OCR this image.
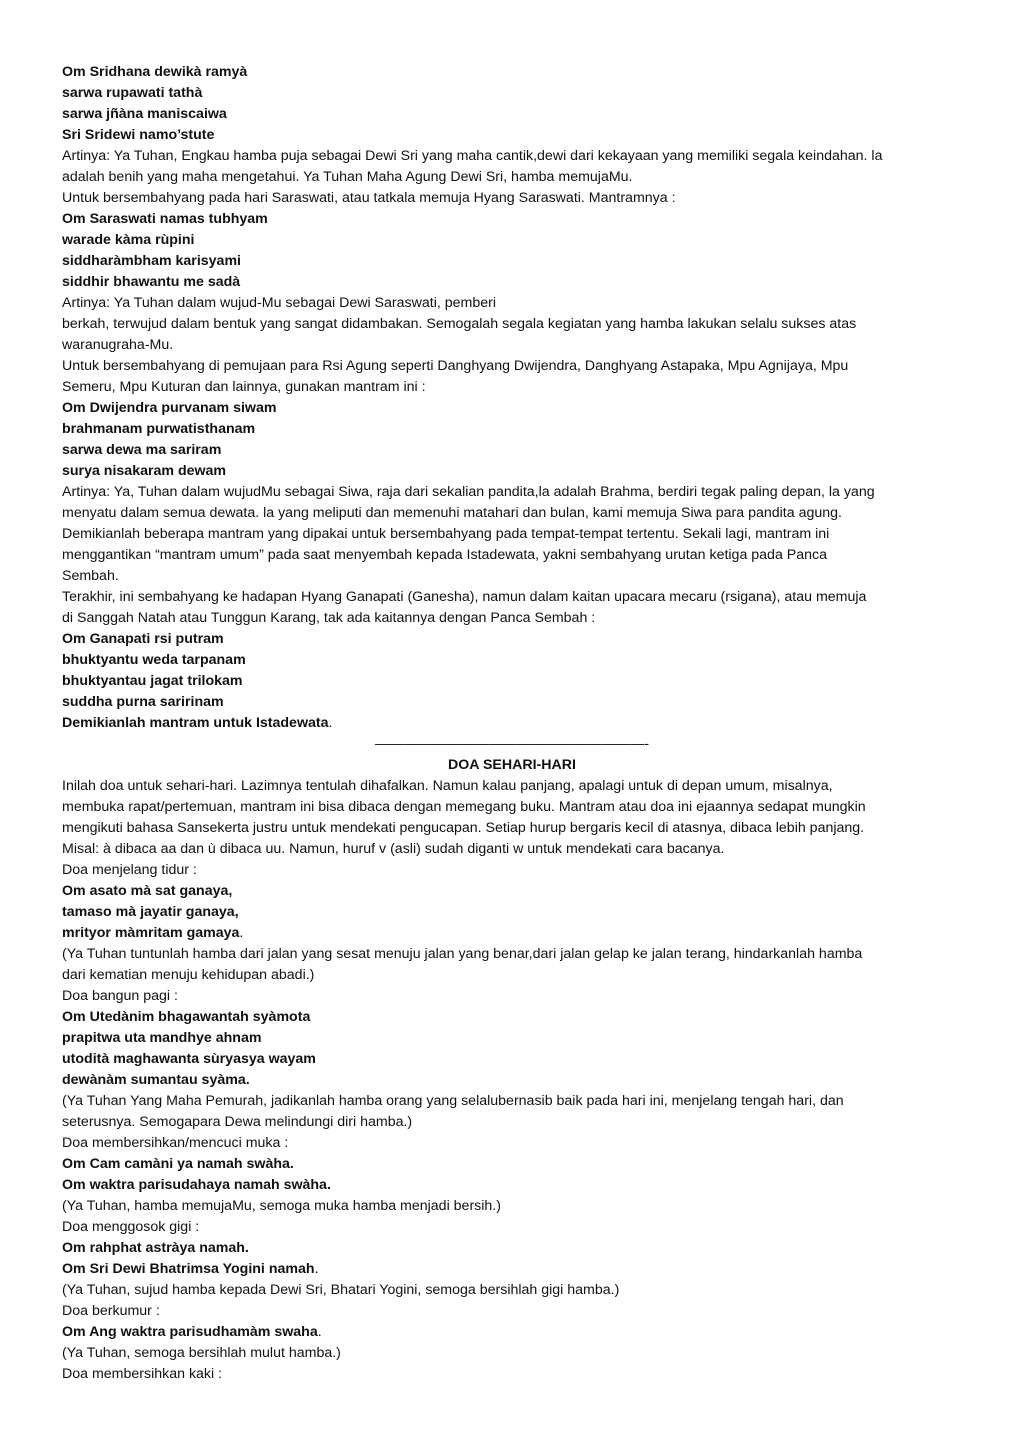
Om Sridhana dewikà ramyà
sarwa rupawati tathà
sarwa jñàna maniscaiwa
Sri Sridewi namo’stute
Artinya: Ya Tuhan, Engkau hamba puja sebagai Dewi Sri yang maha cantik,dewi dari kekayaan yang memiliki segala keindahan. la
adalah benih yang maha mengetahui. Ya Tuhan Maha Agung Dewi Sri, hamba memujaMu.
Untuk bersembahyang pada hari Saraswati, atau tatkala memuja Hyang Saraswati. Mantramnya :
Om Saraswati namas tubhyam
warade kàma rùpini
siddharàmbham karisyami
siddhir bhawantu me sadà
Artinya: Ya Tuhan dalam wujud-Mu sebagai Dewi Saraswati, pemberi
berkah, terwujud dalam bentuk yang sangat didambakan. Semogalah segala kegiatan yang hamba lakukan selalu sukses atas
waranugraha-Mu.
Untuk bersembahyang di pemujaan para Rsi Agung seperti Danghyang Dwijendra, Danghyang Astapaka, Mpu Agnijaya, Mpu
Semeru, Mpu Kuturan dan lainnya, gunakan mantram ini :
Om Dwijendra purvanam siwam
brahmanam purwatisthanam
sarwa dewa ma sariram
surya nisakaram dewam
Artinya: Ya, Tuhan dalam wujudMu sebagai Siwa, raja dari sekalian pandita,la adalah Brahma, berdiri tegak paling depan, la yang
menyatu dalam semua dewata. la yang meliputi dan memenuhi matahari dan bulan, kami memuja Siwa para pandita agung.
Demikianlah beberapa mantram yang dipakai untuk bersembahyang pada tempat-tempat tertentu. Sekali lagi, mantram ini
menggantikan “mantram umum” pada saat menyembah kepada Istadewata, yakni sembahyang urutan ketiga pada Panca
Sembah.
Terakhir, ini sembahyang ke hadapan Hyang Ganapati (Ganesha), namun dalam kaitan upacara mecaru (rsigana), atau memuja
di Sanggah Natah atau Tunggun Karang, tak ada kaitannya dengan Panca Sembah :
Om Ganapati rsi putram
bhuktyantu weda tarpanam
bhuktyantau jagat trilokam
suddha purna saririnam
Demikianlah mantram untuk Istadewata.
———————————————————-
DOA SEHARI-HARI
Inilah doa untuk sehari-hari. Lazimnya tentulah dihafalkan. Namun kalau panjang, apalagi untuk di depan umum, misalnya,
membuka rapat/pertemuan, mantram ini bisa dibaca dengan memegang buku. Mantram atau doa ini ejaannya sedapat mungkin
mengikuti bahasa Sansekerta justru untuk mendekati pengucapan. Setiap hurup bergaris kecil di atasnya, dibaca lebih panjang.
Misal: à dibaca aa dan ù dibaca uu. Namun, huruf v (asli) sudah diganti w untuk mendekati cara bacanya.
Doa menjelang tidur :
Om asato mà sat ganaya,
tamaso mà jayatir ganaya,
mrityor màmritam gamaya.
(Ya Tuhan tuntunlah hamba dari jalan yang sesat menuju jalan yang benar,dari jalan gelap ke jalan terang, hindarkanlah hamba
dari kematian menuju kehidupan abadi.)
Doa bangun pagi :
Om Utedànim bhagawantah syàmota
prapitwa uta mandhye ahnam
utodità maghawanta sùryasya wayam
dewànàm sumantau syàma.
(Ya Tuhan Yang Maha Pemurah, jadikanlah hamba orang yang selalubernasib baik pada hari ini, menjelang tengah hari, dan
seterusnya. Semogapara Dewa melindungi diri hamba.)
Doa membersihkan/mencuci muka :
Om Cam camàni ya namah swàha.
Om waktra parisudahaya namah swàha.
(Ya Tuhan, hamba memujaMu, semoga muka hamba menjadi bersih.)
Doa menggosok gigi :
Om rahphat astràya namah.
Om Sri Dewi Bhatrimsa Yogini namah.
(Ya Tuhan, sujud hamba kepada Dewi Sri, Bhatari Yogini, semoga bersihlah gigi hamba.)
Doa berkumur :
Om Ang waktra parisudhamàm swaha.
(Ya Tuhan, semoga bersihlah mulut hamba.)
Doa membersihkan kaki :
